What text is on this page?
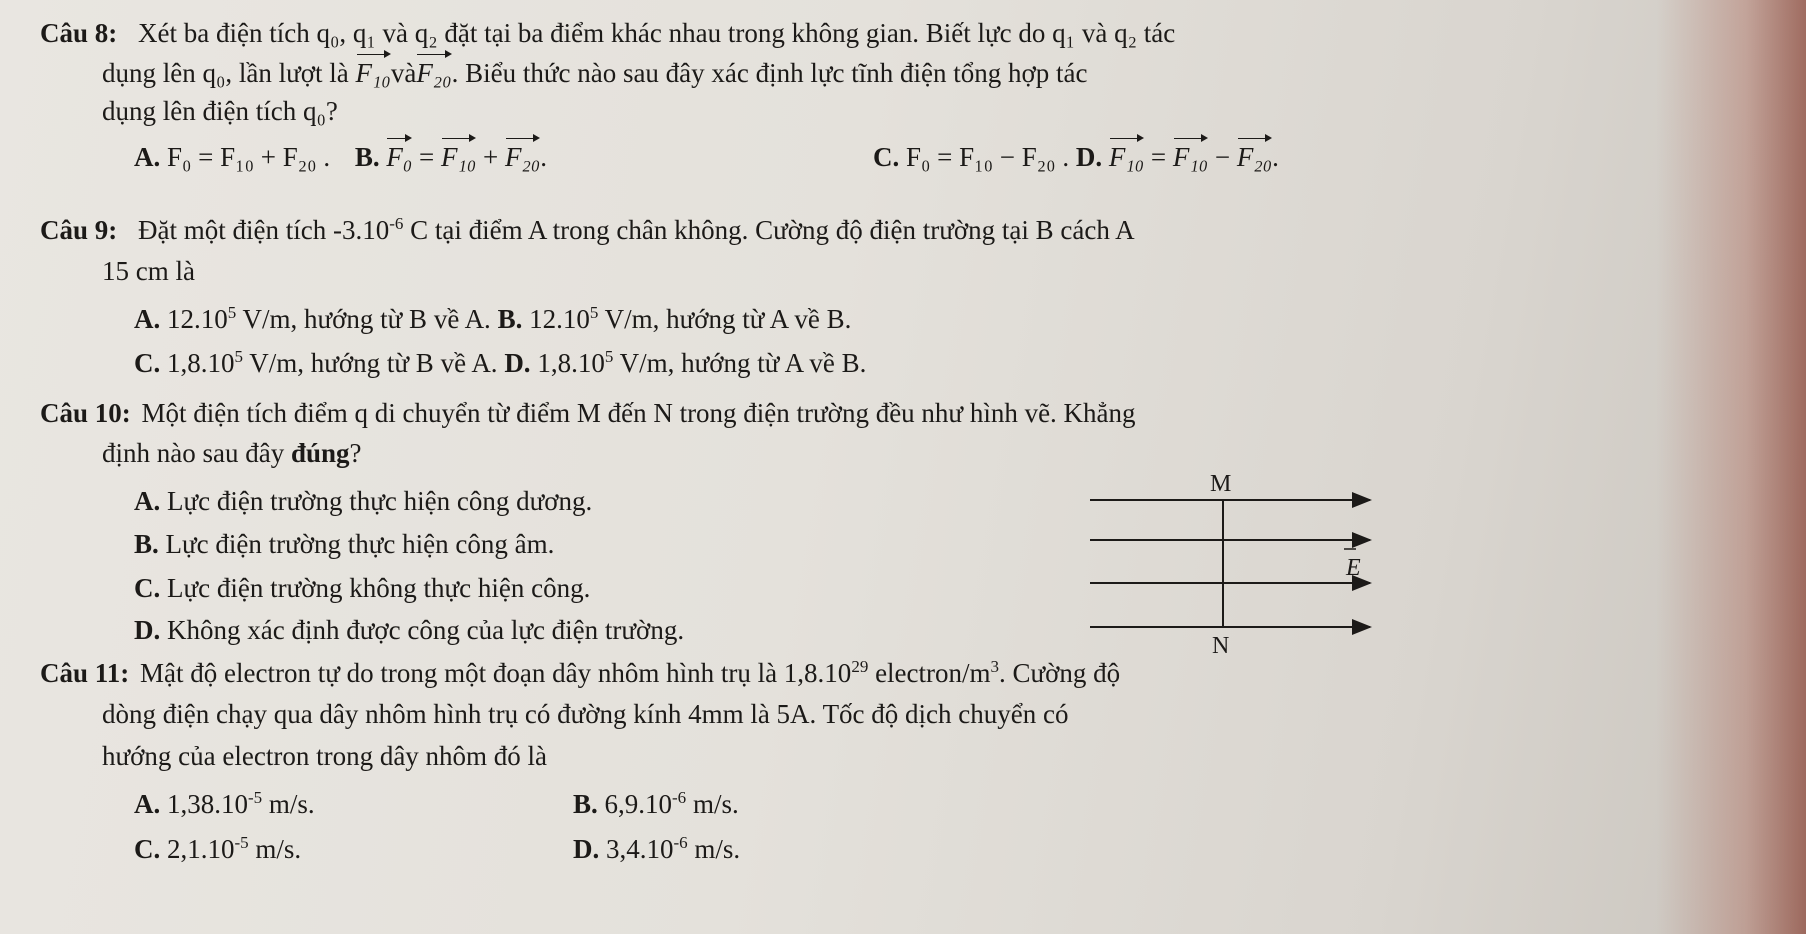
Câu 8: Xét ba điện tích q₀, q₁ và q₂ đặt tại ba điểm khác nhau trong không gian. Biết lực do q₁ và q₂ tác
dụng lên q₀, lần lượt là F₁₀vàF₂₀. Biểu thức nào sau đây xác định lực tĩnh điện tổng hợp tác
dụng lên điện tích q₀?
A. F₀ = F₁₀ + F₂₀ . B. F₀ = F₁₀ + F₂₀.	C. F₀ = F₁₀ − F₂₀ . D. F₁₀ = F₁₀ − F₂₀.
Câu 9: Đặt một điện tích $-3.10^{-6}$ C tại điểm A trong chân không. Cường độ điện trường tại B cách A
15 cm là
A. 12.10$^5$ V/m, hướng từ B về A. B. 12.10$^5$ V/m, hướng từ A về B.
C. 1,8.10$^5$ V/m, hướng từ B về A. D. 1,8.10$^5$ V/m, hướng từ A về B.
Câu 10: Một điện tích điểm q di chuyển từ điểm M đến N trong điện trường đều như hình vẽ. Khẳng
định nào sau đây đúng?
A. Lực điện trường thực hiện công dương.
B. Lực điện trường thực hiện công âm.
C. Lực điện trường không thực hiện công.
D. Không xác định được công của lực điện trường.
M
N
E
Câu 11: Mật độ electron tự do trong một đoạn dây nhôm hình trụ là 1,8.10$^{29}$ electron/$m^3$. Cường độ
dòng điện chạy qua dây nhôm hình trụ có đường kính 4mm là 5A. Tốc độ dịch chuyển có
hướng của electron trong dây nhôm đó là
A. $1,38.10^{-5}$ m/s.	B. $6,9.10^{-6}$ m/s.
C. $2,1.10^{-5}$ m/s.	D. $3,4.10^{-6}$ m/s.
